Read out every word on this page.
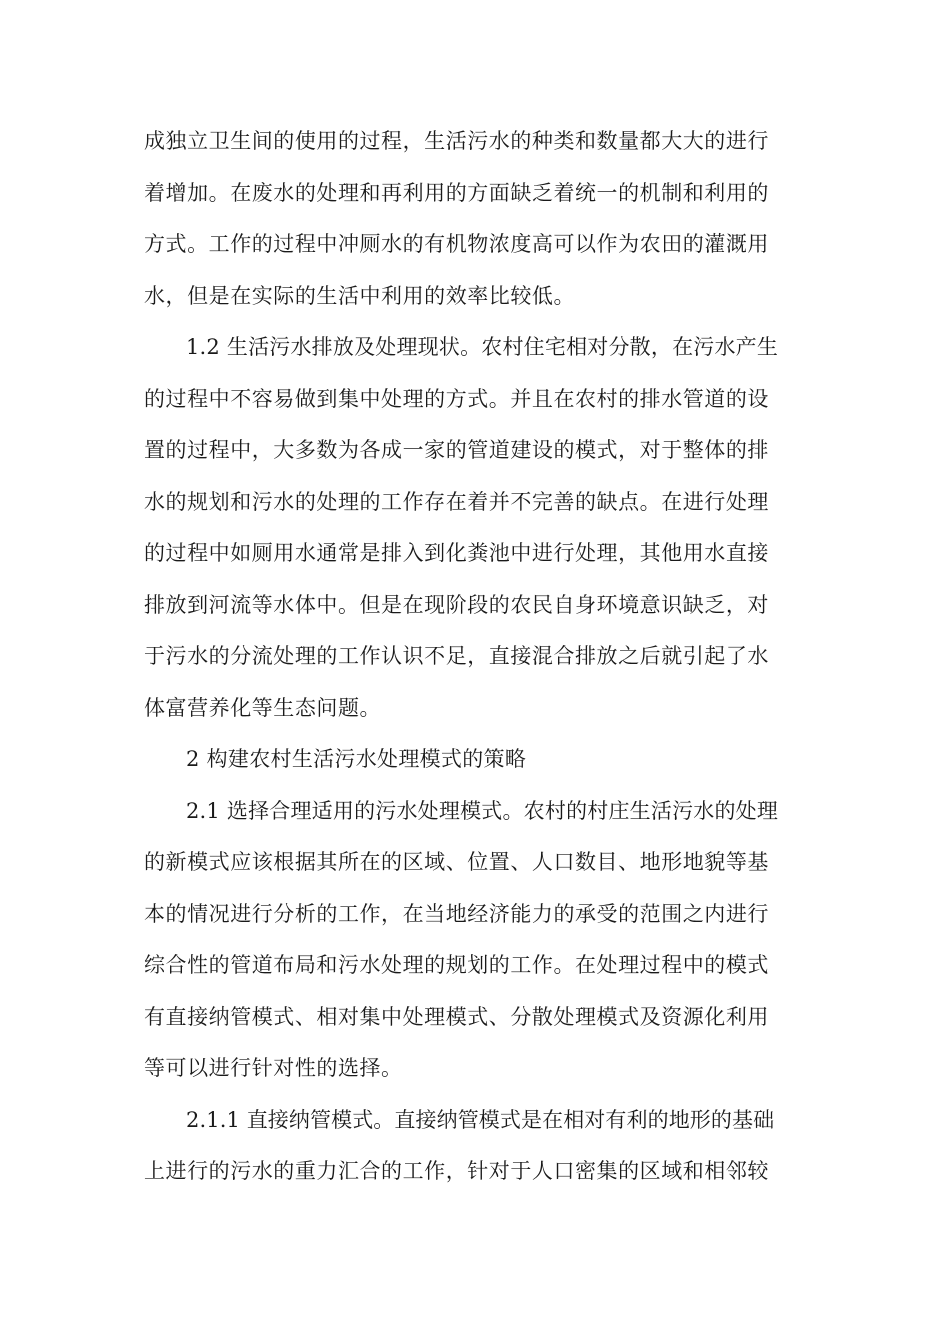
成独立卫生间的使用的过程，生活污水的种类和数量都大大的进行
着增加。在废水的处理和再利用的方面缺乏着统一的机制和利用的
方式。工作的过程中冲厕水的有机物浓度高可以作为农田的灌溉用
水，但是在实际的生活中利用的效率比较低。
1.2 生活污水排放及处理现状。农村住宅相对分散，在污水产生
的过程中不容易做到集中处理的方式。并且在农村的排水管道的设
置的过程中，大多数为各成一家的管道建设的模式，对于整体的排
水的规划和污水的处理的工作存在着并不完善的缺点。在进行处理
的过程中如厕用水通常是排入到化粪池中进行处理，其他用水直接
排放到河流等水体中。但是在现阶段的农民自身环境意识缺乏，对
于污水的分流处理的工作认识不足，直接混合排放之后就引起了水
体富营养化等生态问题。
2 构建农村生活污水处理模式的策略
2.1 选择合理适用的污水处理模式。农村的村庄生活污水的处理
的新模式应该根据其所在的区域、位置、人口数目、地形地貌等基
本的情况进行分析的工作，在当地经济能力的承受的范围之内进行
综合性的管道布局和污水处理的规划的工作。在处理过程中的模式
有直接纳管模式、相对集中处理模式、分散处理模式及资源化利用
等可以进行针对性的选择。
2.1.1 直接纳管模式。直接纳管模式是在相对有利的地形的基础
上进行的污水的重力汇合的工作，针对于人口密集的区域和相邻较
